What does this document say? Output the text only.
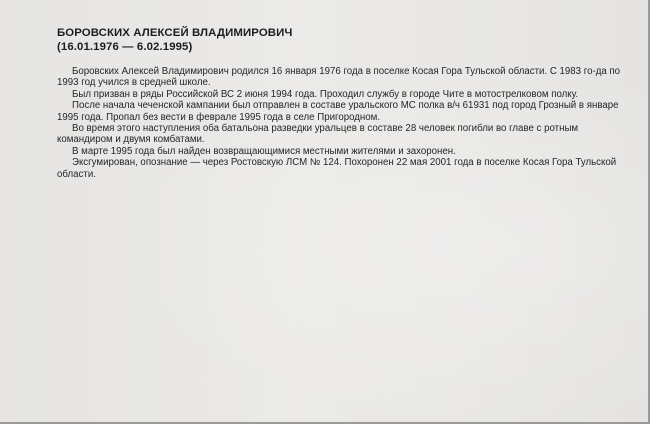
БОРОВСКИХ АЛЕКСЕЙ ВЛАДИМИРОВИЧ
(16.01.1976 — 6.02.1995)

Боровских Алексей Владимирович родился 16 января 1976 года в поселке Косая Гора Тульской области. С 1983 го-да по 1993 год учился в средней школе.

Был призван в ряды Российской ВС 2 июня 1994 года. Проходил службу в городе Чите в мотострелковом полку.

После начала чеченской кампании был отправлен в составе уральского МС полка в/ч 61931 под город Грозный в январе 1995 года. Пропал без вести в феврале 1995 года в селе Пригородном.

Во время этого наступления оба батальона разведки уральцев в составе 28 человек погибли во главе с ротным командиром и двумя комбатами.

В марте 1995 года был найден возвращающимися местными жителями и захоронен.

Эксгумирован, опознание — через Ростовскую ЛСМ № 124. Похоронен 22 мая 2001 года в поселке Косая Гора Тульской области.
